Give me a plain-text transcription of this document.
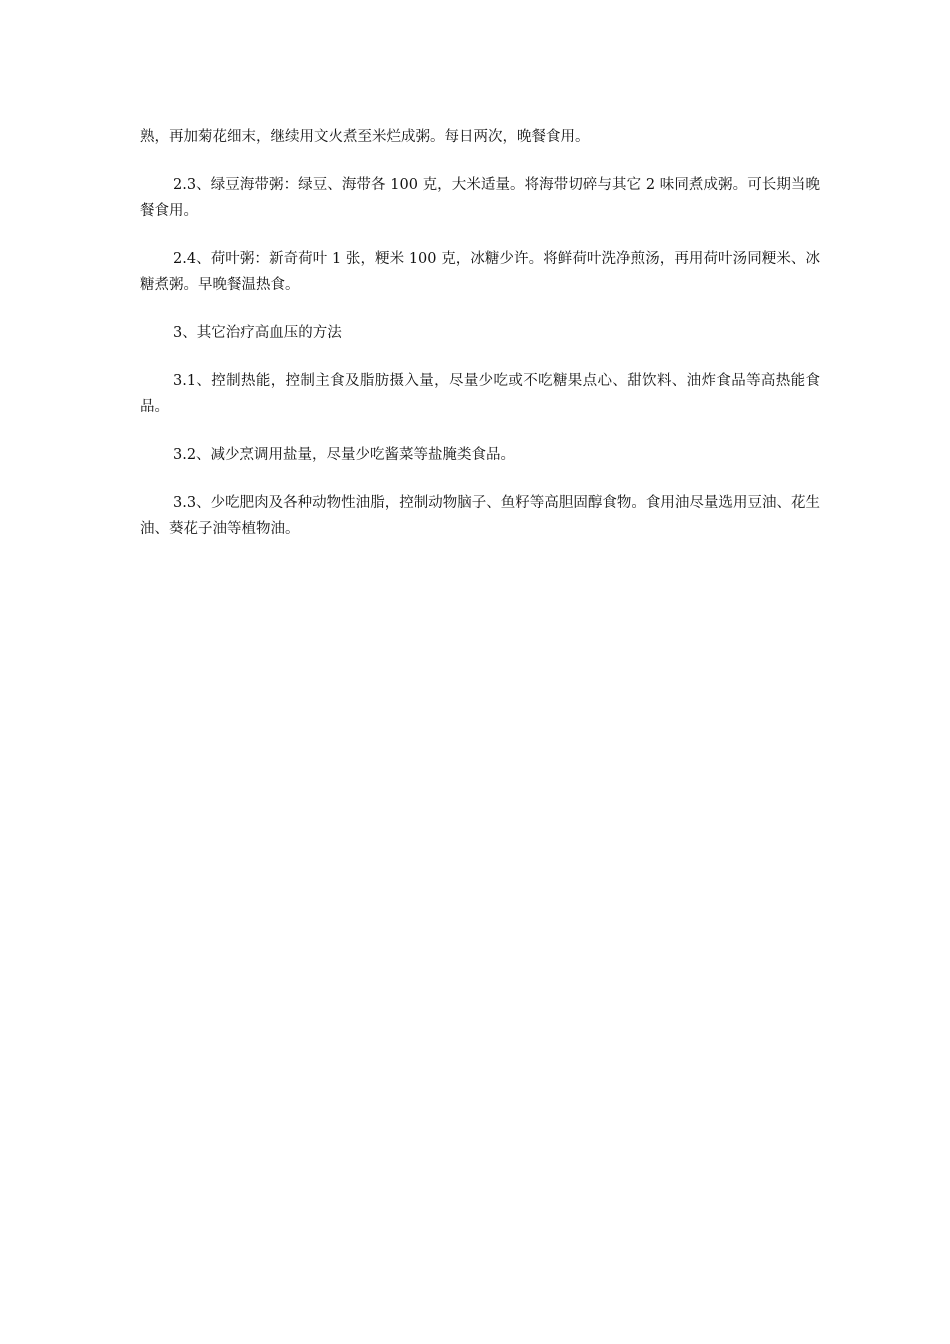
熟，再加菊花细末，继续用文火煮至米烂成粥。每日两次，晚餐食用。

2.3、绿豆海带粥：绿豆、海带各 100 克，大米适量。将海带切碎与其它 2 味同煮成粥。可长期当晚餐食用。

2.4、荷叶粥：新奇荷叶 1 张，粳米 100 克，冰糖少许。将鲜荷叶洗净煎汤，再用荷叶汤同粳米、冰糖煮粥。早晚餐温热食。

3、其它治疗高血压的方法

3.1、控制热能，控制主食及脂肪摄入量，尽量少吃或不吃糖果点心、甜饮料、油炸食品等高热能食品。

3.2、减少烹调用盐量，尽量少吃酱菜等盐腌类食品。

3.3、少吃肥肉及各种动物性油脂，控制动物脑子、鱼籽等高胆固醇食物。食用油尽量选用豆油、花生油、葵花子油等植物油。
